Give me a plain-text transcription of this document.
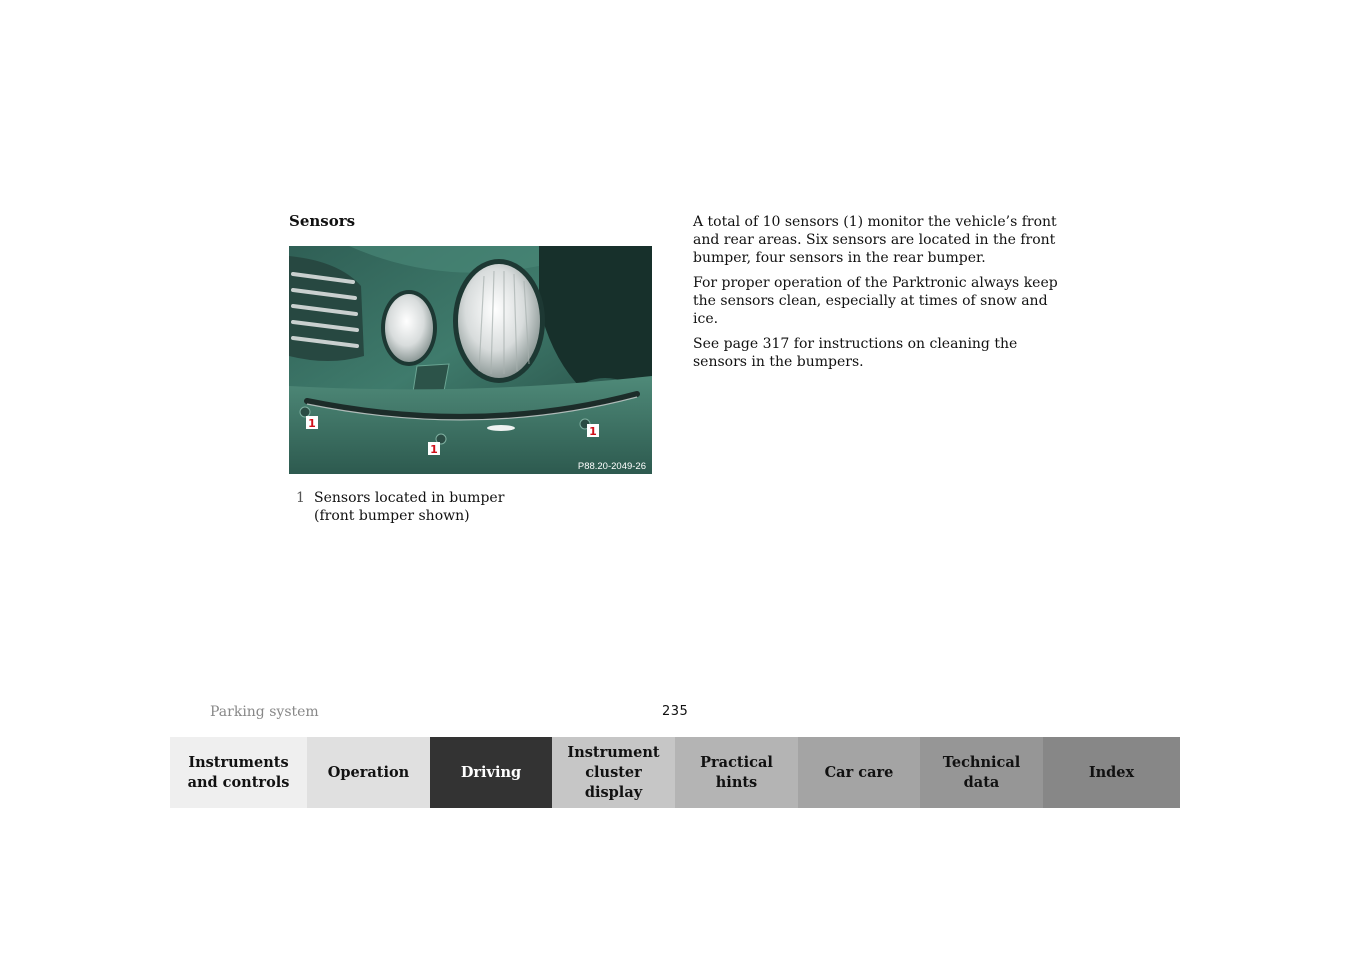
Sensors
1
1
1
P88.20-2049-26
1 Sensors located in bumper
(front bumper shown)

A total of 10 sensors (1) monitor the vehicle’s front and rear areas. Six sensors are located in the front bumper, four sensors in the rear bumper.

For proper operation of the Parktronic always keep the sensors clean, especially at times of snow and ice.

See page 317 for instructions on cleaning the sensors in the bumpers.

Parking system	235
Instruments
and controls
Operation	Driving
Instrument
cluster display
Practical hints
Car care
Technical
data
Index
